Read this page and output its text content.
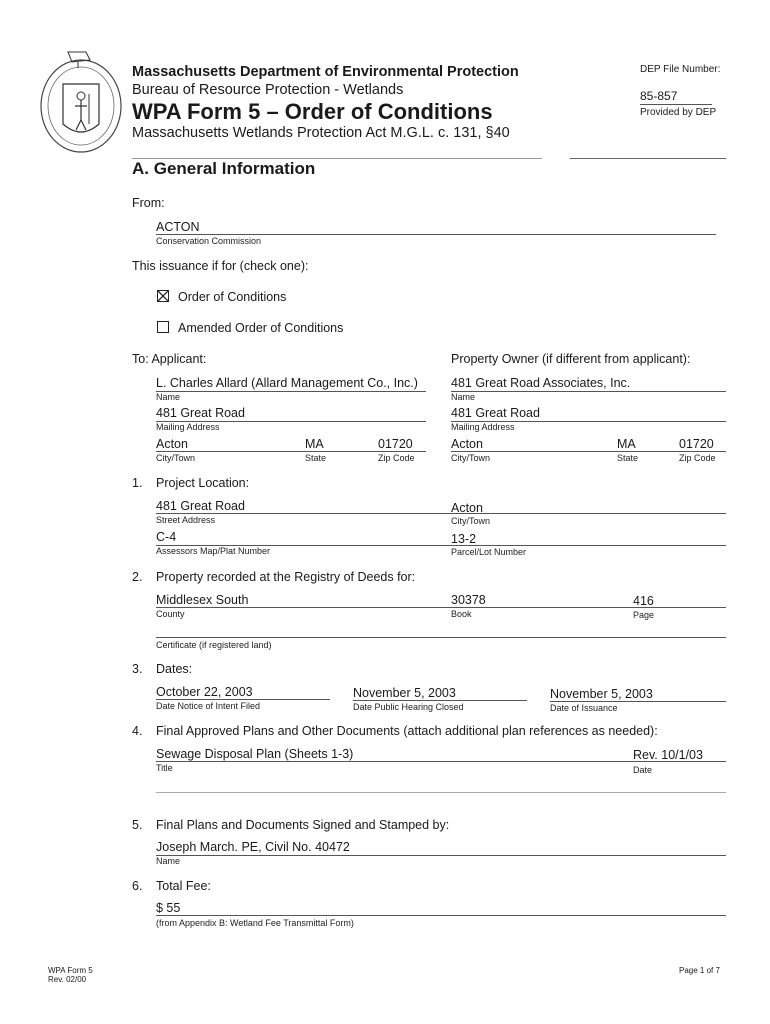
Massachusetts Department of Environmental Protection
Bureau of Resource Protection - Wetlands
WPA Form 5 – Order of Conditions
Massachusetts Wetlands Protection Act M.G.L. c. 131, §40
DEP File Number:
85-857
Provided by DEP
A. General Information
From:
ACTON
Conservation Commission
This issuance if for (check one):
Order of Conditions
Amended Order of Conditions
To: Applicant:
L. Charles Allard (Allard Management Co., Inc.)
Name
481 Great Road
Mailing Address
Acton	MA	01720
City/Town	State	Zip Code
Property Owner (if different from applicant):
481 Great Road Associates, Inc.
Name
481 Great Road
Mailing Address
Acton	MA	01720
City/Town	State	Zip Code
1. Project Location:
481 Great Road
Street Address
Acton
City/Town
C-4
Assessors Map/Plat Number
13-2
Parcel/Lot Number
2. Property recorded at the Registry of Deeds for:
Middlesex South	30378	416
County	Book	Page
Certificate (if registered land)
3. Dates:
October 22, 2003
Date Notice of Intent Filed
November 5, 2003
Date Public Hearing Closed
November 5, 2003
Date of Issuance
4. Final Approved Plans and Other Documents (attach additional plan references as needed):
Sewage Disposal Plan (Sheets 1-3)	Rev. 10/1/03
Title	Date
5. Final Plans and Documents Signed and Stamped by:
Joseph March. PE, Civil No. 40472
Name
6. Total Fee:
$ 55
(from Appendix B: Wetland Fee Transmittal Form)
WPA Form 5
Rev. 02/00
Page 1 of 7
